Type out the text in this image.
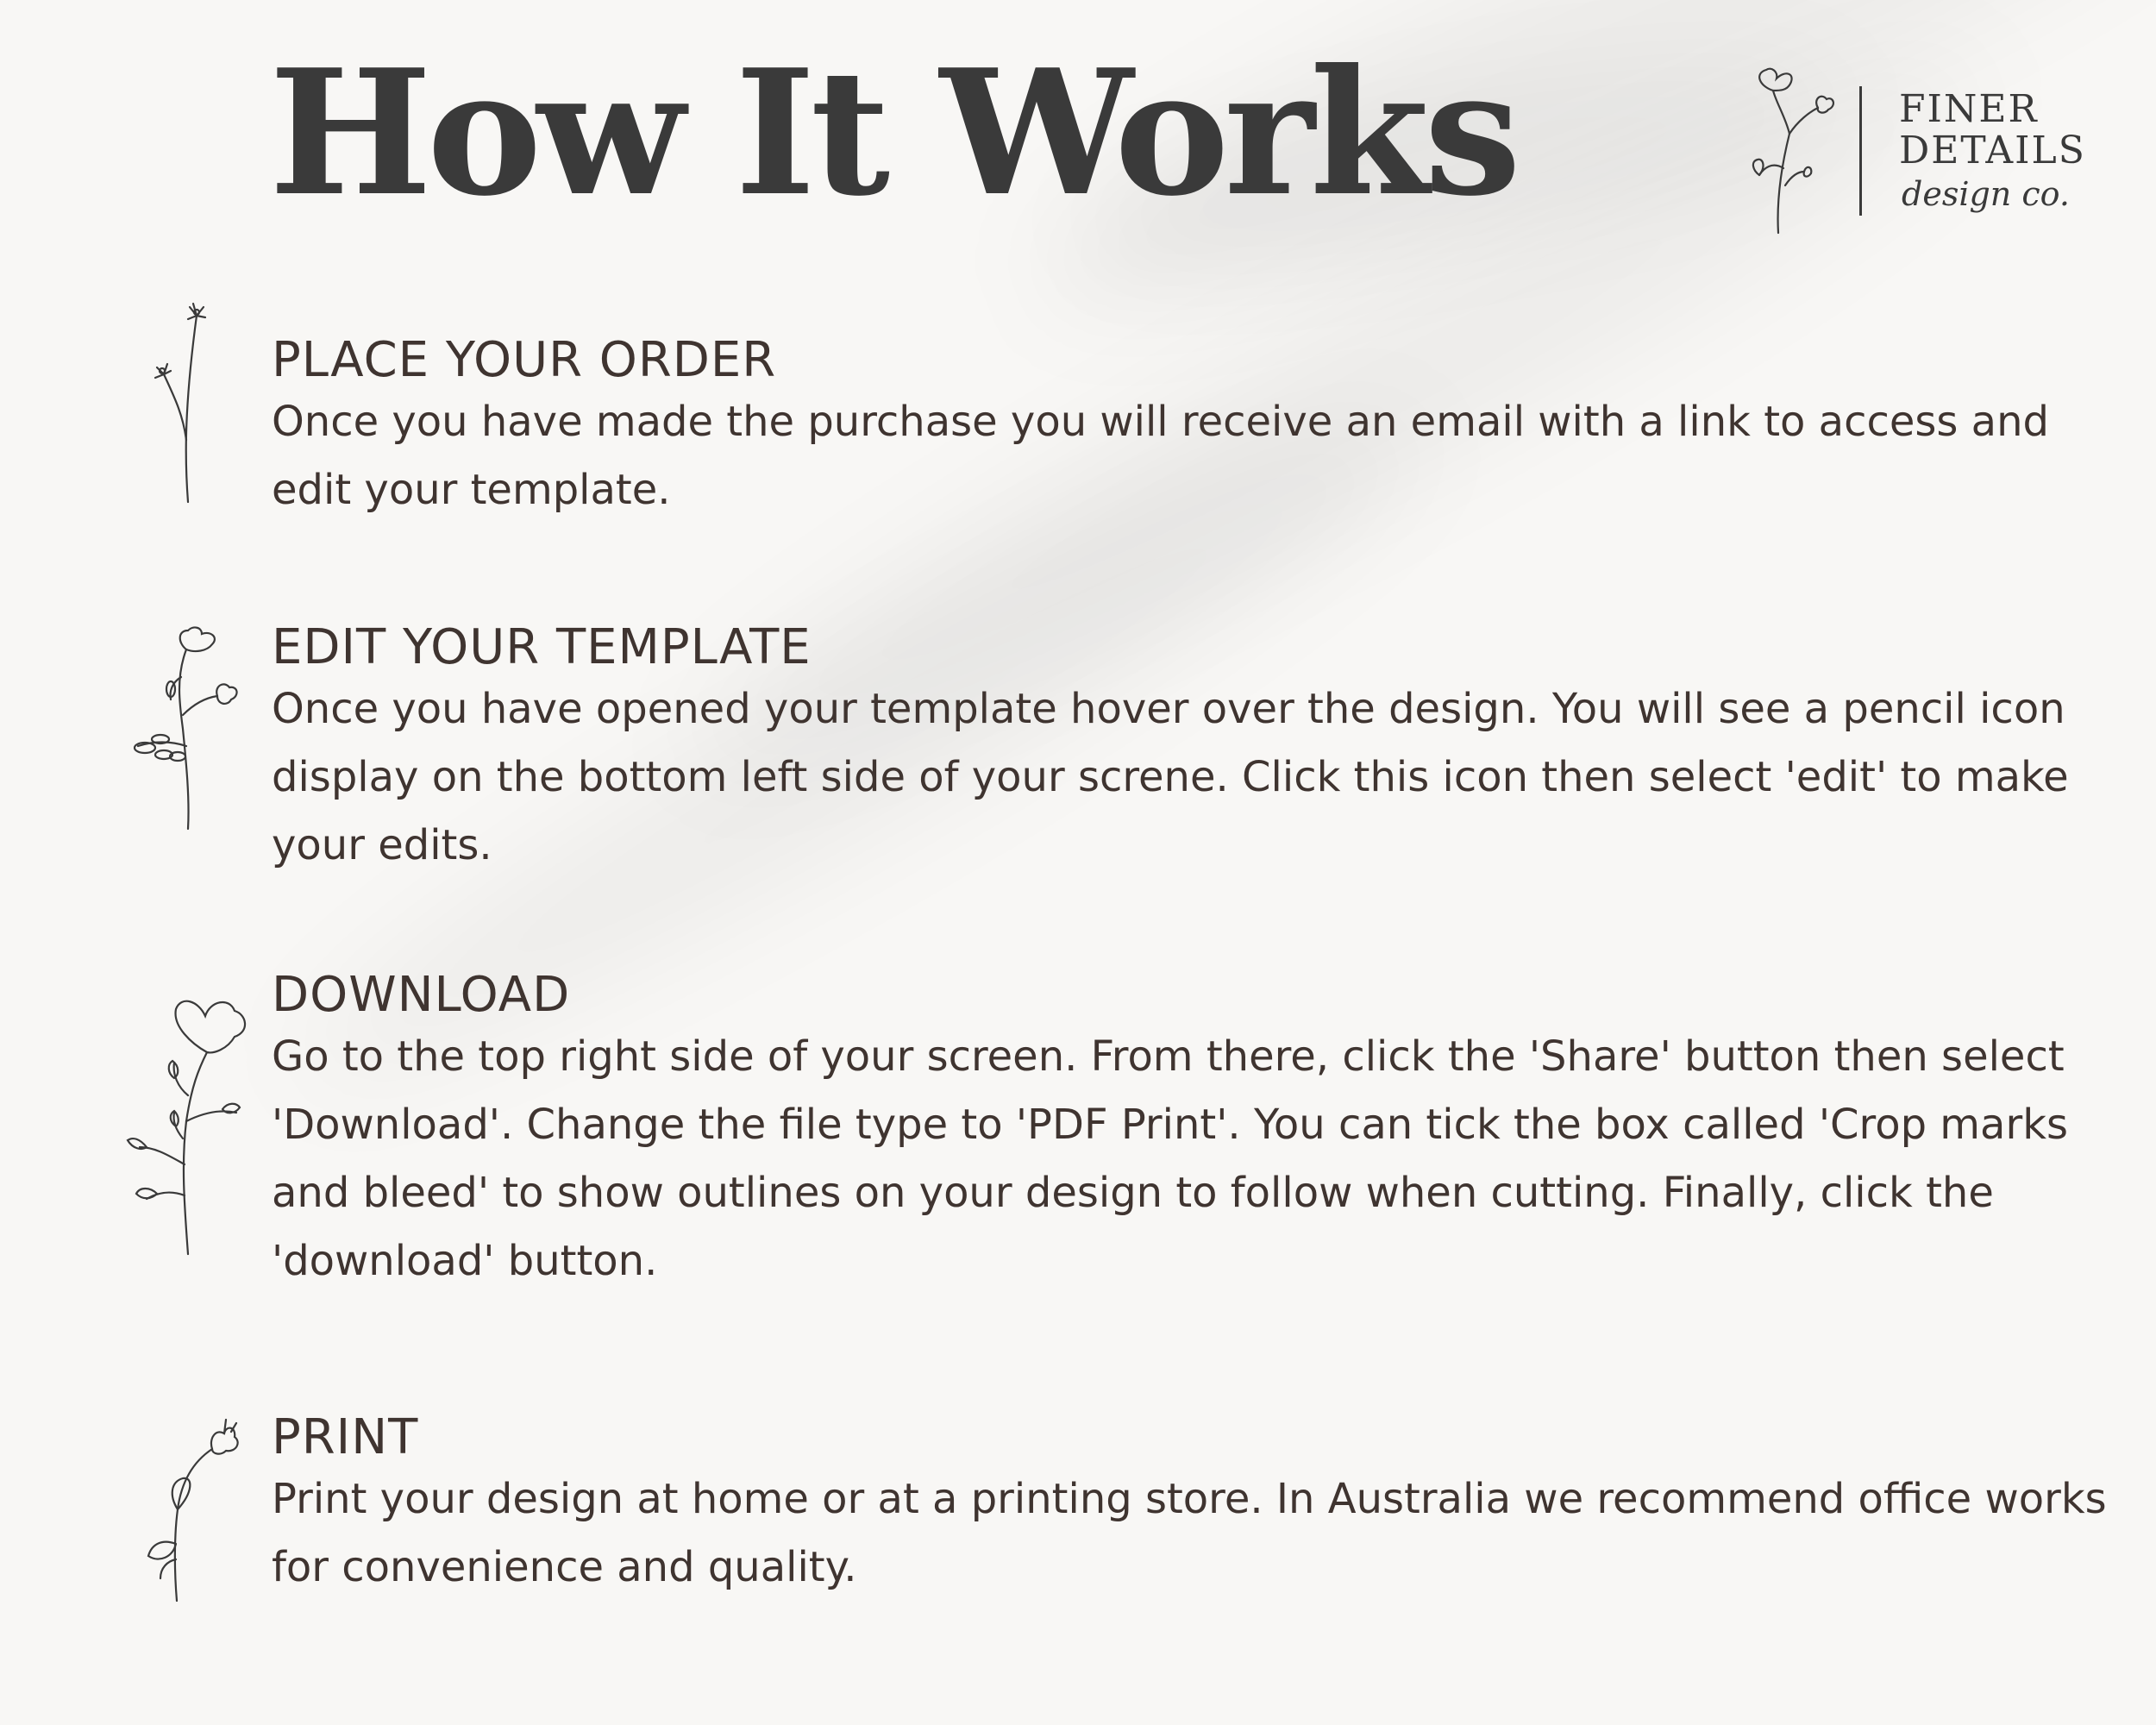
How It Works	FINER
DETAILS
design co.
PLACE YOUR ORDER

Once you have made the purchase you will receive an email with a link to access and edit your template.

EDIT YOUR TEMPLATE

Once you have opened your template hover over the design. You will see a pencil icon display on the bottom left side of your screne. Click this icon then select 'edit' to make your edits.

DOWNLOAD

Go to the top right side of your screen. From there, click the 'Share' button then select 'Download'. Change the file type to 'PDF Print'. You can tick the box called 'Crop marks and bleed' to show outlines on your design to follow when cutting. Finally, click the 'download' button.

PRINT

Print your design at home or at a printing store. In Australia we recommend office works for convenience and quality.
